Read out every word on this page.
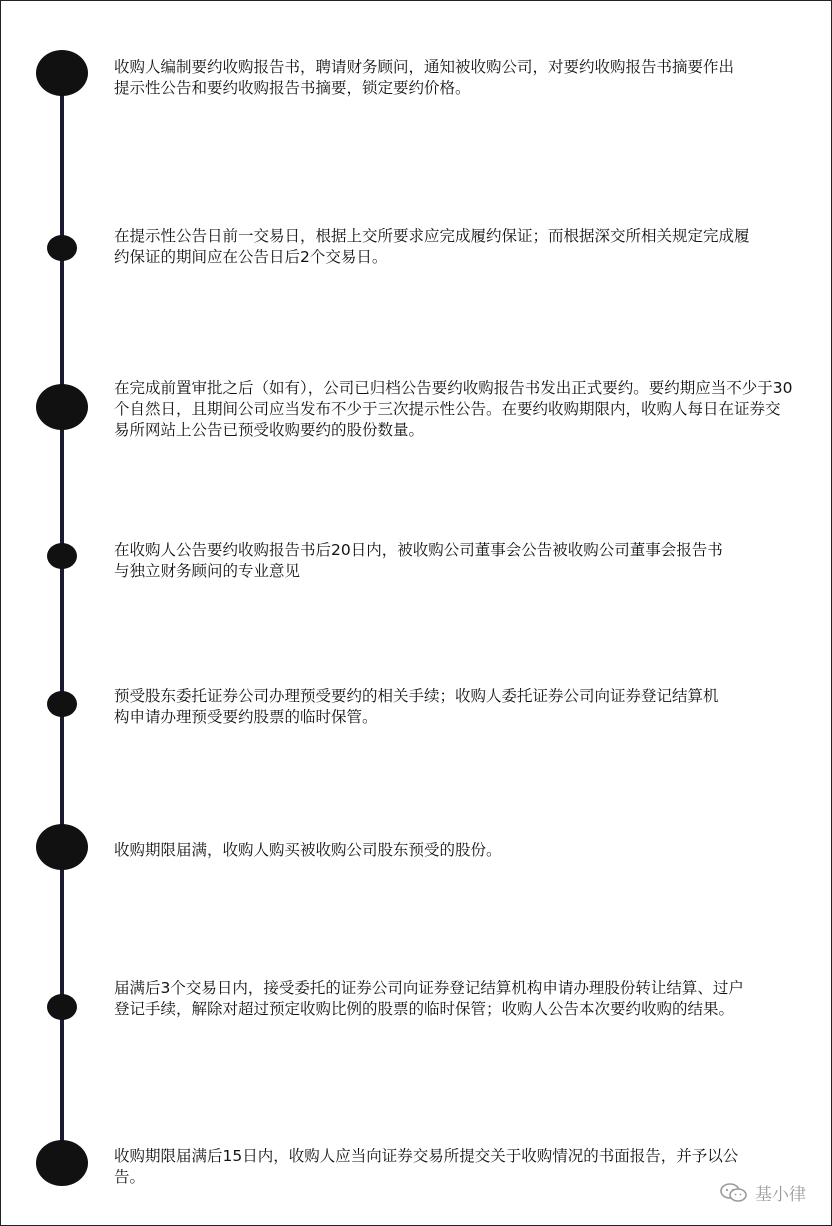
收购人编制要约收购报告书，聘请财务顾问，通知被收购公司，对要约收购报告书摘要作出提示性公告和要约收购报告书摘要，锁定要约价格。

在提示性公告日前一交易日，根据上交所要求应完成履约保证；而根据深交所相关规定完成履约保证的期间应在公告日后2个交易日。

在完成前置审批之后（如有），公司已归档公告要约收购报告书发出正式要约。要约期应当不少于30个自然日，且期间公司应当发布不少于三次提示性公告。在要约收购期限内，收购人每日在证券交易所网站上公告已预受收购要约的股份数量。

在收购人公告要约收购报告书后20日内，被收购公司董事会公告被收购公司董事会报告书与独立财务顾问的专业意见

预受股东委托证券公司办理预受要约的相关手续；收购人委托证券公司向证券登记结算机构申请办理预受要约股票的临时保管。

收购期限届满，收购人购买被收购公司股东预受的股份。

届满后3个交易日内，接受委托的证券公司向证券登记结算机构申请办理股份转让结算、过户登记手续，解除对超过预定收购比例的股票的临时保管；收购人公告本次要约收购的结果。

收购期限届满后15日内，收购人应当向证券交易所提交关于收购情况的书面报告，并予以公告。

基小律
